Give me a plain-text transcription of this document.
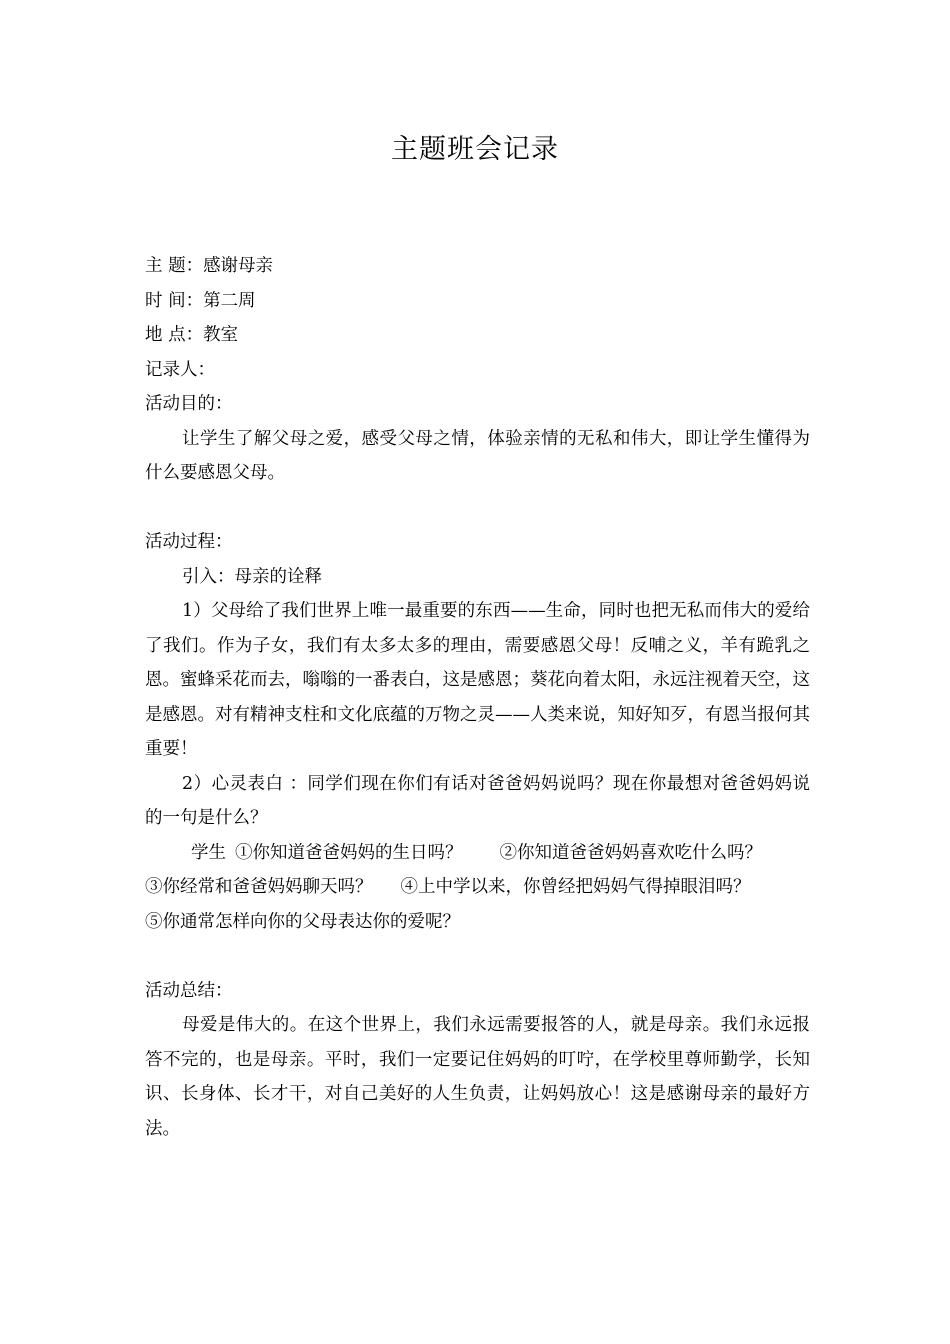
主题班会记录

主 题：感谢母亲

时 间：第二周

地 点：教室

记录人：

活动目的：

让学生了解父母之爱，感受父母之情，体验亲情的无私和伟大，即让学生懂得为什么要感恩父母。

活动过程：

引入：母亲的诠释

1）父母给了我们世界上唯一最重要的东西——生命，同时也把无私而伟大的爱给了我们。作为子女，我们有太多太多的理由，需要感恩父母！反哺之义，羊有跪乳之恩。蜜蜂采花而去，嗡嗡的一番表白，这是感恩；葵花向着太阳，永远注视着天空，这是感恩。对有精神支柱和文化底蕴的万物之灵——人类来说，知好知歹，有恩当报何其重要！

2）心灵表白 ：同学们现在你们有话对爸爸妈妈说吗？现在你最想对爸爸妈妈说的一句是什么？

学生 ①你知道爸爸妈妈的生日吗？ ②你知道爸爸妈妈喜欢吃什么吗？

③你经常和爸爸妈妈聊天吗？ ④上中学以来，你曾经把妈妈气得掉眼泪吗？

⑤你通常怎样向你的父母表达你的爱呢？

活动总结：

母爱是伟大的。在这个世界上，我们永远需要报答的人，就是母亲。我们永远报答不完的，也是母亲。平时，我们一定要记住妈妈的叮咛，在学校里尊师勤学，长知识、长身体、长才干，对自己美好的人生负责，让妈妈放心！这是感谢母亲的最好方法。
